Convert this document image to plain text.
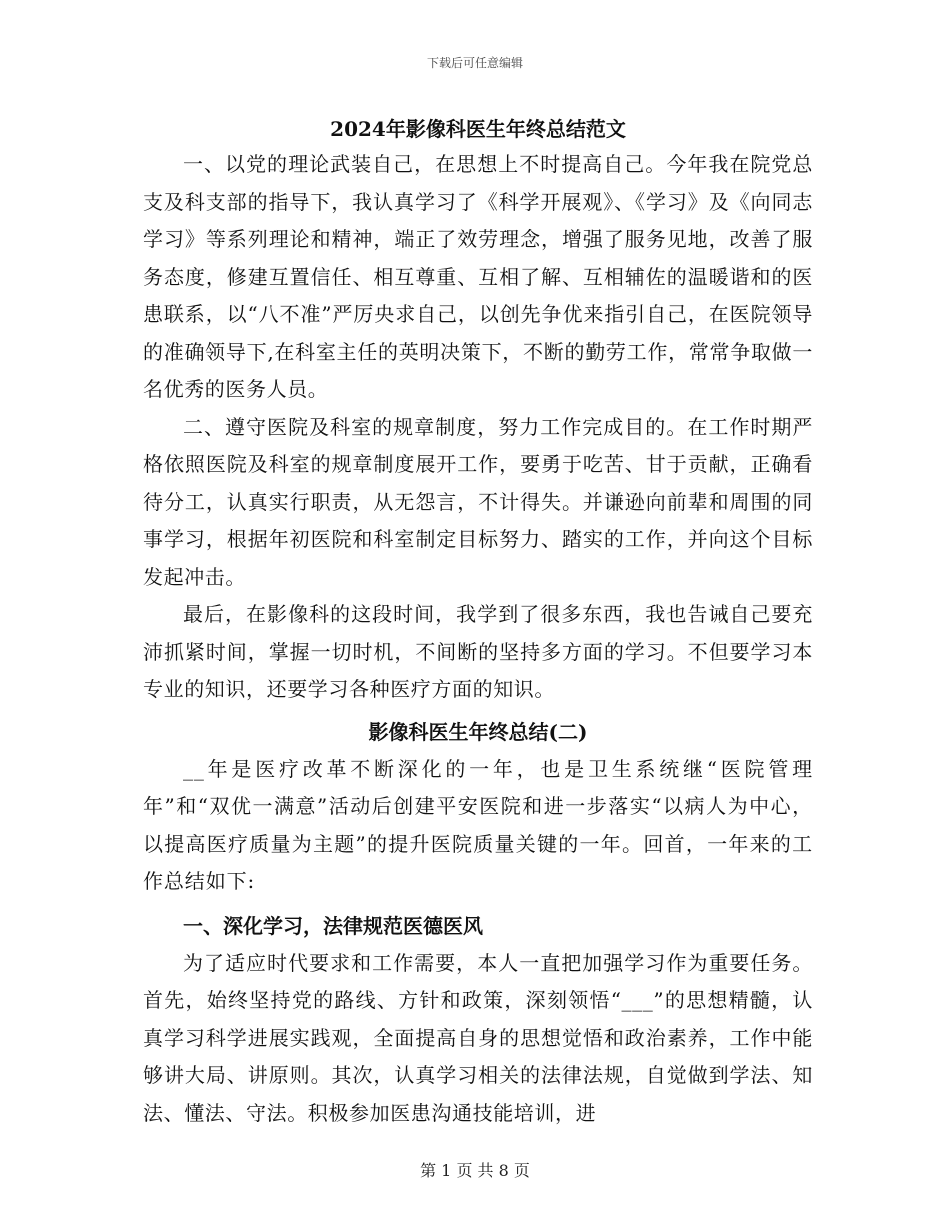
下载后可任意编辑
2024年影像科医生年终总结范文

一、以党的理论武装自己，在思想上不时提高自己。今年我在院党总支及科支部的指导下，我认真学习了《科学开展观》、《学习》及《向同志学习》等系列理论和精神，端正了效劳理念，增强了服务见地，改善了服务态度，修建互置信任、相互尊重、互相了解、互相辅佐的温暖谐和的医患联系，以“八不准”严厉央求自己，以创先争优来指引自己，在医院领导的准确领导下,在科室主任的英明决策下，不断的勤劳工作，常常争取做一名优秀的医务人员。

二、遵守医院及科室的规章制度，努力工作完成目的。在工作时期严格依照医院及科室的规章制度展开工作，要勇于吃苦、甘于贡献，正确看待分工，认真实行职责，从无怨言，不计得失。并谦逊向前辈和周围的同事学习，根据年初医院和科室制定目标努力、踏实的工作，并向这个目标发起冲击。

最后，在影像科的这段时间，我学到了很多东西，我也告诫自己要充沛抓紧时间，掌握一切时机，不间断的坚持多方面的学习。不但要学习本专业的知识，还要学习各种医疗方面的知识。

影像科医生年终总结(二)

__年是医疗改革不断深化的一年，也是卫生系统继“医院管理年”和“双优一满意”活动后创建平安医院和进一步落实“以病人为中心，以提高医疗质量为主题”的提升医院质量关键的一年。回首，一年来的工作总结如下:

一、深化学习，法律规范医德医风

为了适应时代要求和工作需要，本人一直把加强学习作为重要任务。首先，始终坚持党的路线、方针和政策，深刻领悟“___”的思想精髓，认真学习科学进展实践观，全面提高自身的思想觉悟和政治素养，工作中能够讲大局、讲原则。其次，认真学习相关的法律法规，自觉做到学法、知法、懂法、守法。积极参加医患沟通技能培训，进

第 1 页 共 8 页
